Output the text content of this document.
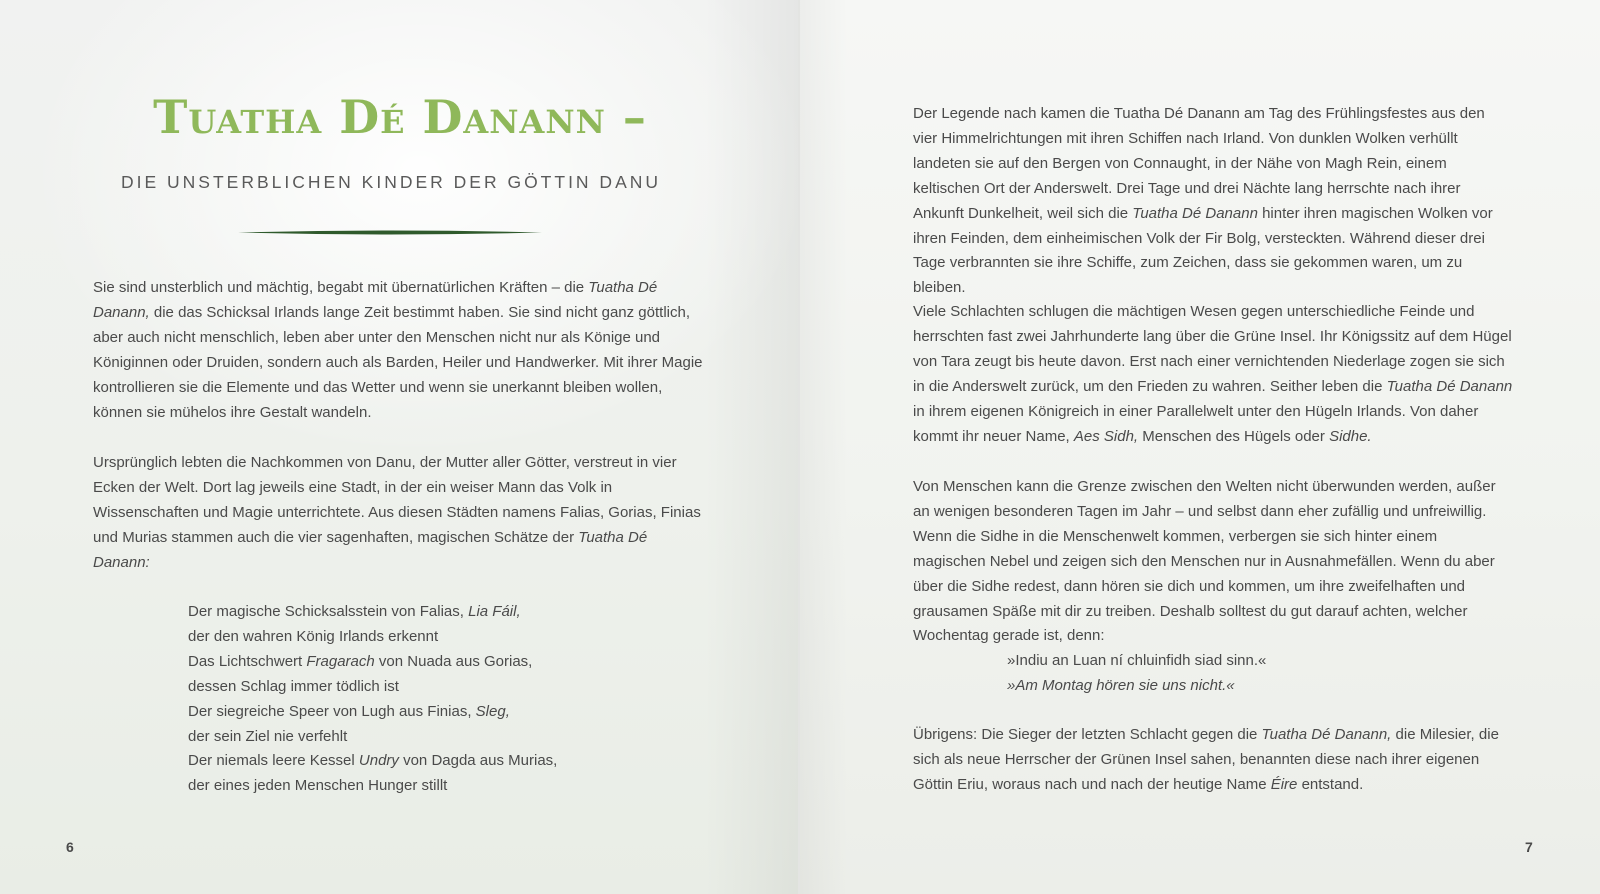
Tuatha Dé Danann –
DIE UNSTERBLICHEN KINDER DER GÖTTIN DANU

Sie sind unsterblich und mächtig, begabt mit übernatürlichen Kräften – die Tuatha Dé Danann, die das Schicksal Irlands lange Zeit bestimmt haben. Sie sind nicht ganz göttlich, aber auch nicht menschlich, leben aber unter den Menschen nicht nur als Könige und Königinnen oder Druiden, sondern auch als Barden, Heiler und Handwerker. Mit ihrer Magie kontrollieren sie die Elemente und das Wetter und wenn sie unerkannt bleiben wollen, können sie mühelos ihre Gestalt wandeln.

Ursprünglich lebten die Nachkommen von Danu, der Mutter aller Götter, verstreut in vier Ecken der Welt. Dort lag jeweils eine Stadt, in der ein weiser Mann das Volk in Wissenschaften und Magie unterrichtete. Aus diesen Städten namens Falias, Gorias, Finias und Murias stammen auch die vier sagenhaften, magischen Schätze der Tuatha Dé Danann:

Der magische Schicksalsstein von Falias, Lia Fáil,
der den wahren König Irlands erkennt
Das Lichtschwert Fragarach von Nuada aus Gorias,
dessen Schlag immer tödlich ist
Der siegreiche Speer von Lugh aus Finias, Sleg,
der sein Ziel nie verfehlt
Der niemals leere Kessel Undry von Dagda aus Murias,
der eines jeden Menschen Hunger stillt
6

Der Legende nach kamen die Tuatha Dé Danann am Tag des Frühlingsfestes aus den vier Himmelrichtungen mit ihren Schiffen nach Irland. Von dunklen Wolken verhüllt landeten sie auf den Bergen von Connaught, in der Nähe von Magh Rein, einem keltischen Ort der Anderswelt. Drei Tage und drei Nächte lang herrschte nach ihrer Ankunft Dunkelheit, weil sich die Tuatha Dé Danann hinter ihren magischen Wolken vor ihren Feinden, dem einheimischen Volk der Fir Bolg, versteckten. Während dieser drei Tage verbrannten sie ihre Schiffe, zum Zeichen, dass sie gekommen waren, um zu bleiben.

Viele Schlachten schlugen die mächtigen Wesen gegen unterschiedliche Feinde und herrschten fast zwei Jahrhunderte lang über die Grüne Insel. Ihr Königssitz auf dem Hügel von Tara zeugt bis heute davon. Erst nach einer vernichtenden Niederlage zogen sie sich in die Anderswelt zurück, um den Frieden zu wahren. Seither leben die Tuatha Dé Danann in ihrem eigenen Königreich in einer Parallelwelt unter den Hügeln Irlands. Von daher kommt ihr neuer Name, Aes Sidh, Menschen des Hügels oder Sidhe.

Von Menschen kann die Grenze zwischen den Welten nicht überwunden werden, außer an wenigen besonderen Tagen im Jahr – und selbst dann eher zufällig und unfreiwillig. Wenn die Sidhe in die Menschenwelt kommen, verbergen sie sich hinter einem magischen Nebel und zeigen sich den Menschen nur in Ausnahmefällen. Wenn du aber über die Sidhe redest, dann hören sie dich und kommen, um ihre zweifelhaften und grausamen Späße mit dir zu treiben. Deshalb solltest du gut darauf achten, welcher Wochentag gerade ist, denn:

»Indiu an Luan ní chluinfidh siad sinn.«
»Am Montag hören sie uns nicht.«

Übrigens: Die Sieger der letzten Schlacht gegen die Tuatha Dé Danann, die Milesier, die sich als neue Herrscher der Grünen Insel sahen, benannten diese nach ihrer eigenen Göttin Eriu, woraus nach und nach der heutige Name Éire entstand.

7
